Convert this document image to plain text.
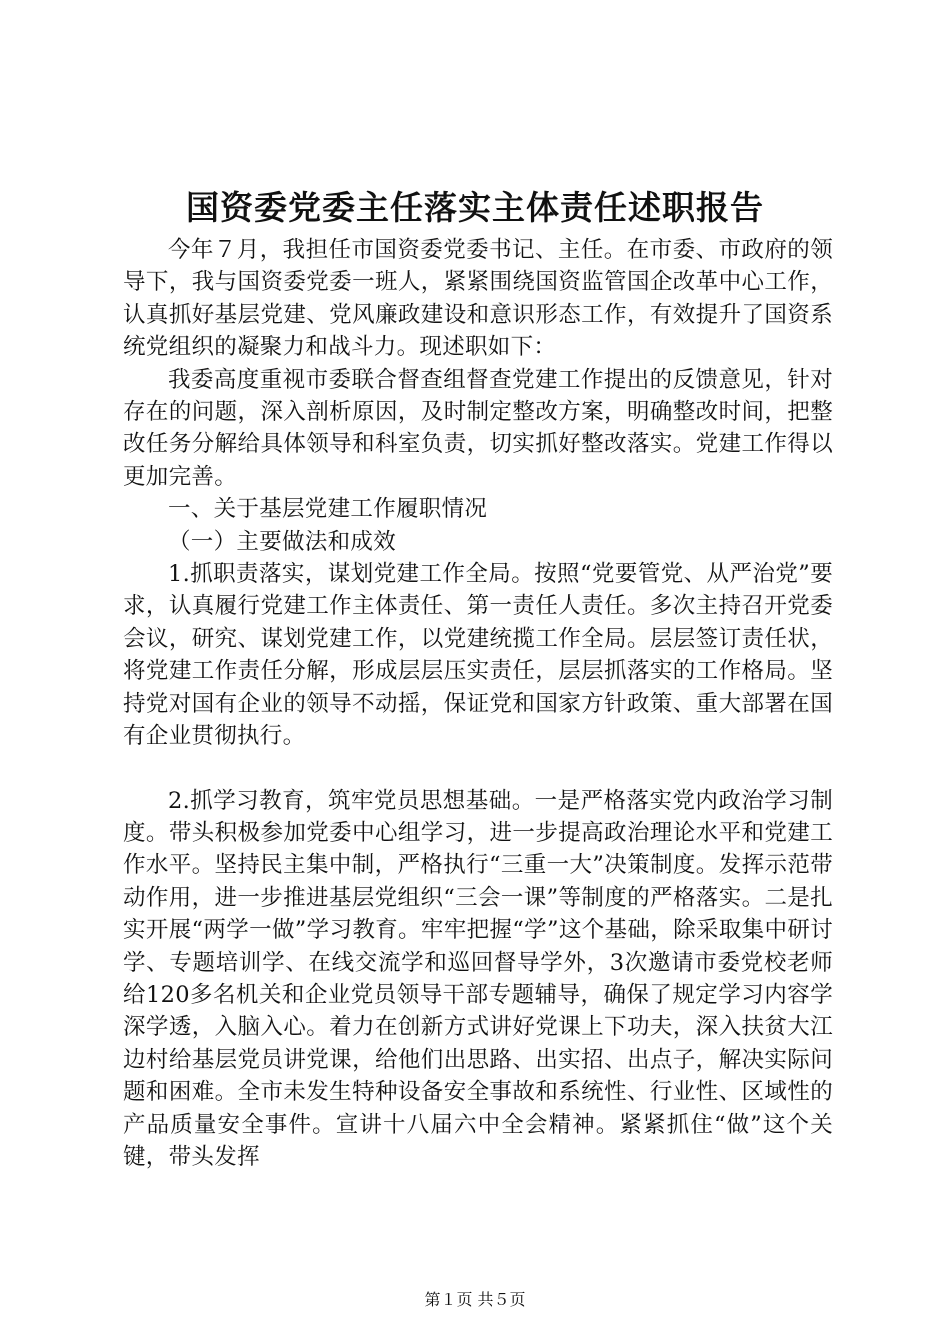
国资委党委主任落实主体责任述职报告

今年７月，我担任市国资委党委书记、主任。在市委、市政府的领导下，我与国资委党委一班人，紧紧围绕国资监管国企改革中心工作，认真抓好基层党建、党风廉政建设和意识形态工作，有效提升了国资系统党组织的凝聚力和战斗力。现述职如下：

我委高度重视市委联合督查组督查党建工作提出的反馈意见，针对存在的问题，深入剖析原因，及时制定整改方案，明确整改时间，把整改任务分解给具体领导和科室负责，切实抓好整改落实。党建工作得以更加完善。

一、关于基层党建工作履职情况

（一）主要做法和成效

1.抓职责落实，谋划党建工作全局。按照“党要管党、从严治党”要求，认真履行党建工作主体责任、第一责任人责任。多次主持召开党委会议，研究、谋划党建工作，以党建统揽工作全局。层层签订责任状，将党建工作责任分解，形成层层压实责任，层层抓落实的工作格局。坚持党对国有企业的领导不动摇，保证党和国家方针政策、重大部署在国有企业贯彻执行。

2.抓学习教育，筑牢党员思想基础。一是严格落实党内政治学习制度。带头积极参加党委中心组学习，进一步提高政治理论水平和党建工作水平。坚持民主集中制，严格执行“三重一大”决策制度。发挥示范带动作用，进一步推进基层党组织“三会一课”等制度的严格落实。二是扎实开展“两学一做”学习教育。牢牢把握“学”这个基础，除采取集中研讨学、专题培训学、在线交流学和巡回督导学外，3次邀请市委党校老师给120多名机关和企业党员领导干部专题辅导，确保了规定学习内容学深学透，入脑入心。着力在创新方式讲好党课上下功夫，深入扶贫大江边村给基层党员讲党课，给他们出思路、出实招、出点子，解决实际问题和困难。全市未发生特种设备安全事故和系统性、行业性、区域性的产品质量安全事件。宣讲十八届六中全会精神。紧紧抓住“做”这个关键，带头发挥

第１页 共５页
